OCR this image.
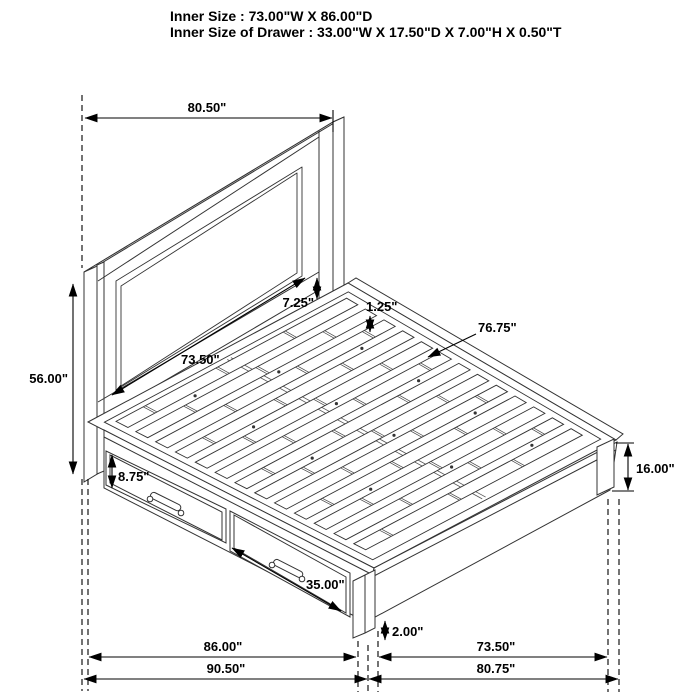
Inner Size : 73.00"W X 86.00"D
Inner Size of Drawer : 33.00"W X 17.50"D X 7.00"H X 0.50"T
80.50"
56.00"
73.50"
7.25"	1.25"
76.75"
8.75"
35.00"
16.00"
2.00"
86.00"
90.50"
73.50"
80.75"
